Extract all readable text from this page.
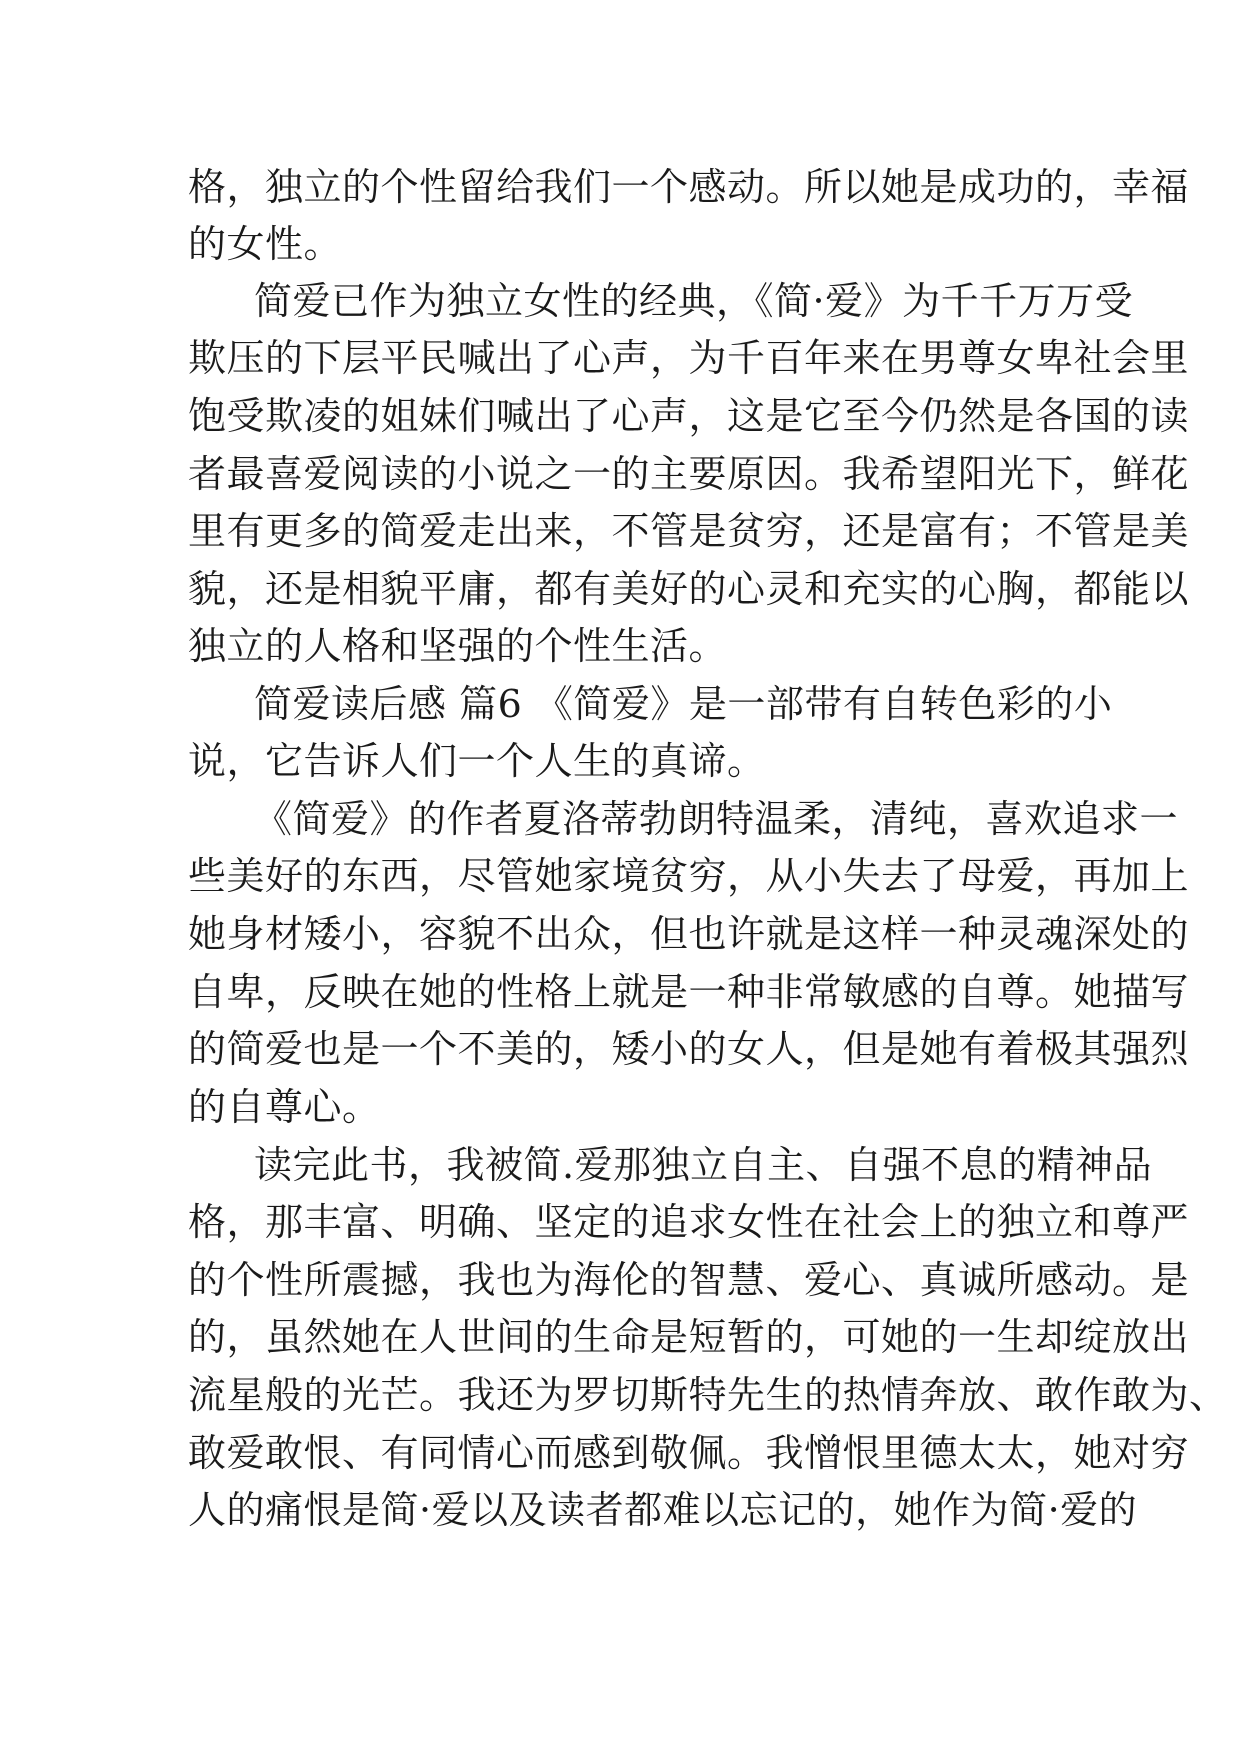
格，独立的个性留给我们一个感动。所以她是成功的，幸福
的女性。
简爱已作为独立女性的经典，《简·爱》为千千万万受
欺压的下层平民喊出了心声，为千百年来在男尊女卑社会里
饱受欺凌的姐妹们喊出了心声，这是它至今仍然是各国的读
者最喜爱阅读的小说之一的主要原因。我希望阳光下，鲜花
里有更多的简爱走出来，不管是贫穷，还是富有；不管是美
貌，还是相貌平庸，都有美好的心灵和充实的心胸，都能以
独立的人格和坚强的个性生活。
简爱读后感 篇6 《简爱》是一部带有自转色彩的小
说，它告诉人们一个人生的真谛。
《简爱》的作者夏洛蒂勃朗特温柔，清纯，喜欢追求一
些美好的东西，尽管她家境贫穷，从小失去了母爱，再加上
她身材矮小，容貌不出众，但也许就是这样一种灵魂深处的
自卑，反映在她的性格上就是一种非常敏感的自尊。她描写
的简爱也是一个不美的，矮小的女人，但是她有着极其强烈
的自尊心。
读完此书，我被简.爱那独立自主、自强不息的精神品
格，那丰富、明确、坚定的追求女性在社会上的独立和尊严
的个性所震撼，我也为海伦的智慧、爱心、真诚所感动。是
的，虽然她在人世间的生命是短暂的，可她的一生却绽放出
流星般的光芒。我还为罗切斯特先生的热情奔放、敢作敢为、
敢爱敢恨、有同情心而感到敬佩。我憎恨里德太太，她对穷
人的痛恨是简·爱以及读者都难以忘记的，她作为简·爱的
